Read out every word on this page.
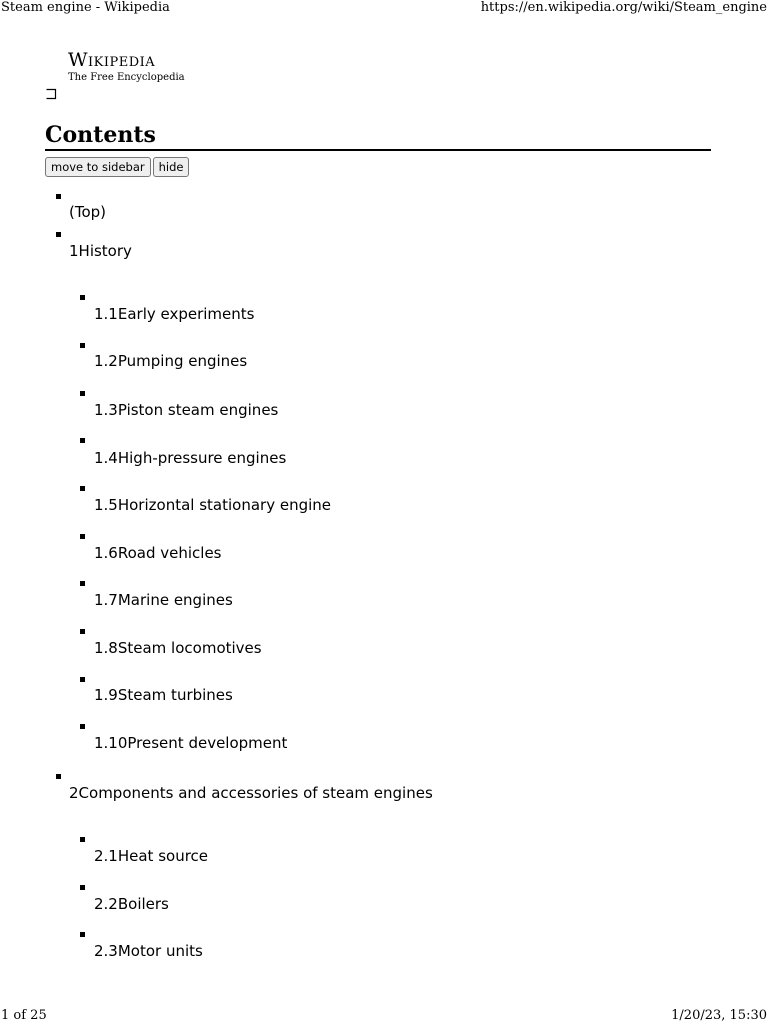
Steam engine - Wikipedia	https://en.wikipedia.org/wiki/Steam_engine
Wikipedia
The Free Encyclopedia
Contents
move to sidebar hide
(Top)
1History
1.1Early experiments
1.2Pumping engines
1.3Piston steam engines
1.4High-pressure engines
1.5Horizontal stationary engine
1.6Road vehicles
1.7Marine engines
1.8Steam locomotives
1.9Steam turbines
1.10Present development
2Components and accessories of steam engines
2.1Heat source
2.2Boilers
2.3Motor units
1 of 25	1/20/23, 15:30
